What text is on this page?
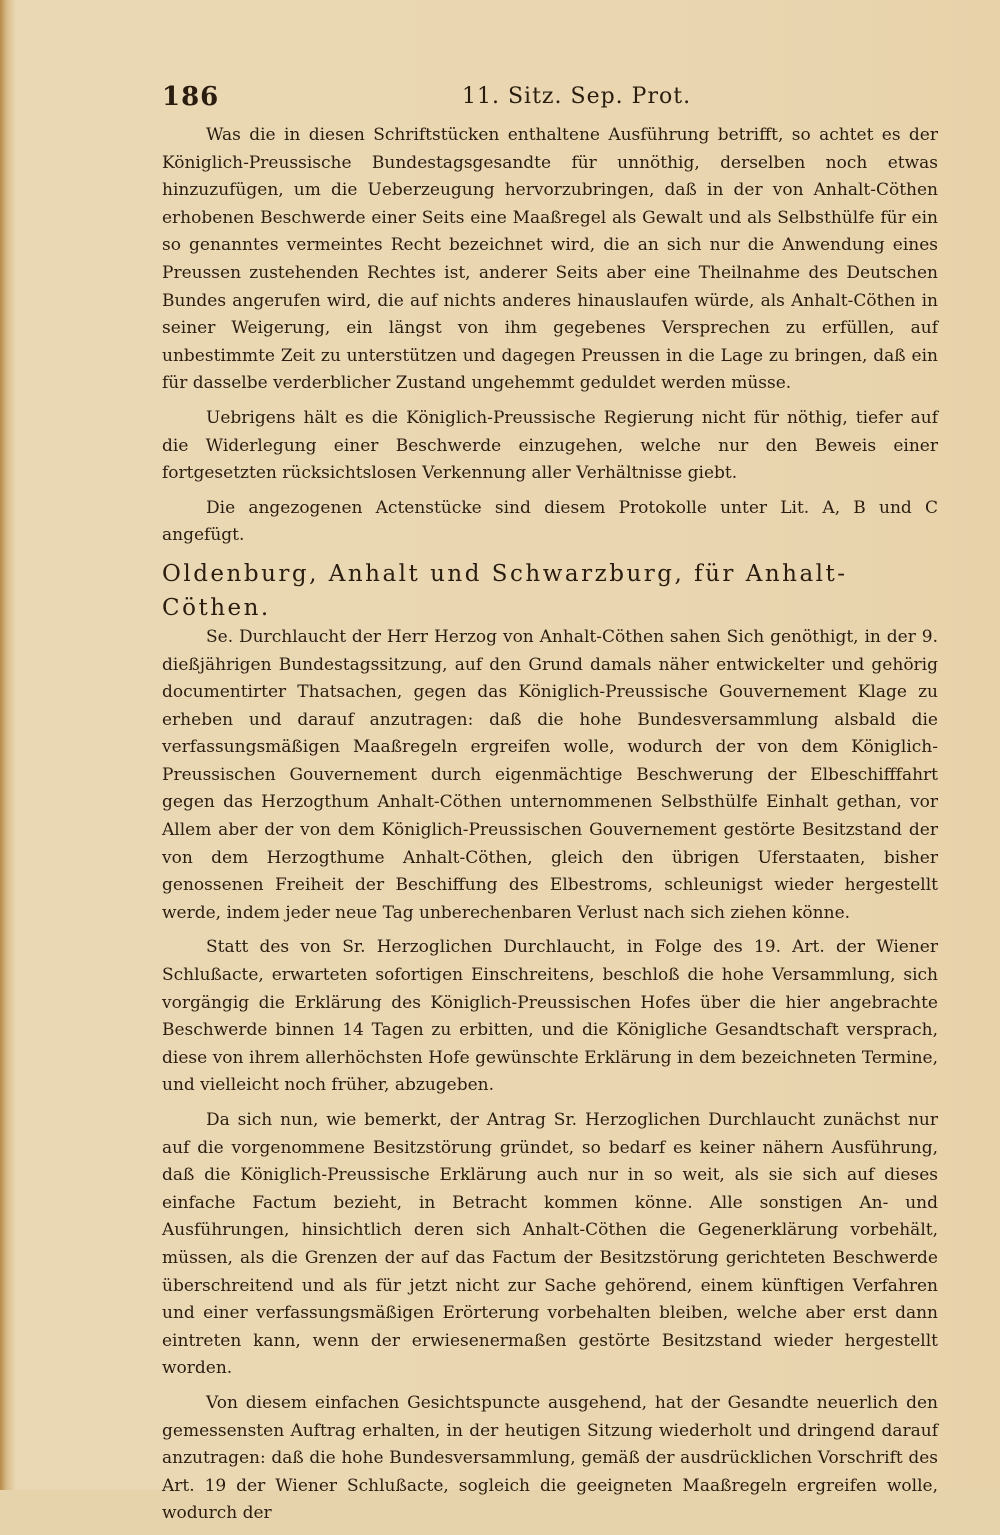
186	11. Sitz. Sep. Prot.

Was die in diesen Schriftstücken enthaltene Ausführung betrifft, so achtet es der Königlich-Preussische Bundestagsgesandte für unnöthig, derselben noch etwas hinzuzufügen, um die Ueberzeugung hervorzubringen, daß in der von Anhalt-Cöthen erhobenen Beschwerde einer Seits eine Maaßregel als Gewalt und als Selbsthülfe für ein so genanntes vermeintes Recht bezeichnet wird, die an sich nur die Anwendung eines Preussen zustehenden Rechtes ist, anderer Seits aber eine Theilnahme des Deutschen Bundes angerufen wird, die auf nichts anderes hinauslaufen würde, als Anhalt-Cöthen in seiner Weigerung, ein längst von ihm gegebenes Versprechen zu erfüllen, auf unbestimmte Zeit zu unterstützen und dagegen Preussen in die Lage zu bringen, daß ein für dasselbe verderblicher Zustand ungehemmt geduldet werden müsse.

Uebrigens hält es die Königlich-Preussische Regierung nicht für nöthig, tiefer auf die Widerlegung einer Beschwerde einzugehen, welche nur den Beweis einer fortgesetzten rücksichtslosen Verkennung aller Verhältnisse giebt.

Die angezogenen Actenstücke sind diesem Protokolle unter Lit. A, B und C angefügt.

Oldenburg, Anhalt und Schwarzburg, für Anhalt-Cöthen.

Se. Durchlaucht der Herr Herzog von Anhalt-Cöthen sahen Sich genöthigt, in der 9. dießjährigen Bundestagssitzung, auf den Grund damals näher entwickelter und gehörig documentirter Thatsachen, gegen das Königlich-Preussische Gouvernement Klage zu erheben und darauf anzutragen: daß die hohe Bundesversammlung alsbald die verfassungsmäßigen Maaßregeln ergreifen wolle, wodurch der von dem Königlich-Preussischen Gouvernement durch eigenmächtige Beschwerung der Elbeschifffahrt gegen das Herzogthum Anhalt-Cöthen unternommenen Selbsthülfe Einhalt gethan, vor Allem aber der von dem Königlich-Preussischen Gouvernement gestörte Besitzstand der von dem Herzogthume Anhalt-Cöthen, gleich den übrigen Uferstaaten, bisher genossenen Freiheit der Beschiffung des Elbestroms, schleunigst wieder hergestellt werde, indem jeder neue Tag unberechenbaren Verlust nach sich ziehen könne.

Statt des von Sr. Herzoglichen Durchlaucht, in Folge des 19. Art. der Wiener Schlußacte, erwarteten sofortigen Einschreitens, beschloß die hohe Versammlung, sich vorgängig die Erklärung des Königlich-Preussischen Hofes über die hier angebrachte Beschwerde binnen 14 Tagen zu erbitten, und die Königliche Gesandtschaft versprach, diese von ihrem allerhöchsten Hofe gewünschte Erklärung in dem bezeichneten Termine, und vielleicht noch früher, abzugeben.

Da sich nun, wie bemerkt, der Antrag Sr. Herzoglichen Durchlaucht zunächst nur auf die vorgenommene Besitzstörung gründet, so bedarf es keiner nähern Ausführung, daß die Königlich-Preussische Erklärung auch nur in so weit, als sie sich auf dieses einfache Factum bezieht, in Betracht kommen könne. Alle sonstigen An- und Ausführungen, hinsichtlich deren sich Anhalt-Cöthen die Gegenerklärung vorbehält, müssen, als die Grenzen der auf das Factum der Besitzstörung gerichteten Beschwerde überschreitend und als für jetzt nicht zur Sache gehörend, einem künftigen Verfahren und einer verfassungsmäßigen Erörterung vorbehalten bleiben, welche aber erst dann eintreten kann, wenn der erwiesenermaßen gestörte Besitzstand wieder hergestellt worden.

Von diesem einfachen Gesichtspuncte ausgehend, hat der Gesandte neuerlich den gemessensten Auftrag erhalten, in der heutigen Sitzung wiederholt und dringend darauf anzutragen: daß die hohe Bundesversammlung, gemäß der ausdrücklichen Vorschrift des Art. 19 der Wiener Schlußacte, sogleich die geeigneten Maaßregeln ergreifen wolle, wodurch der
